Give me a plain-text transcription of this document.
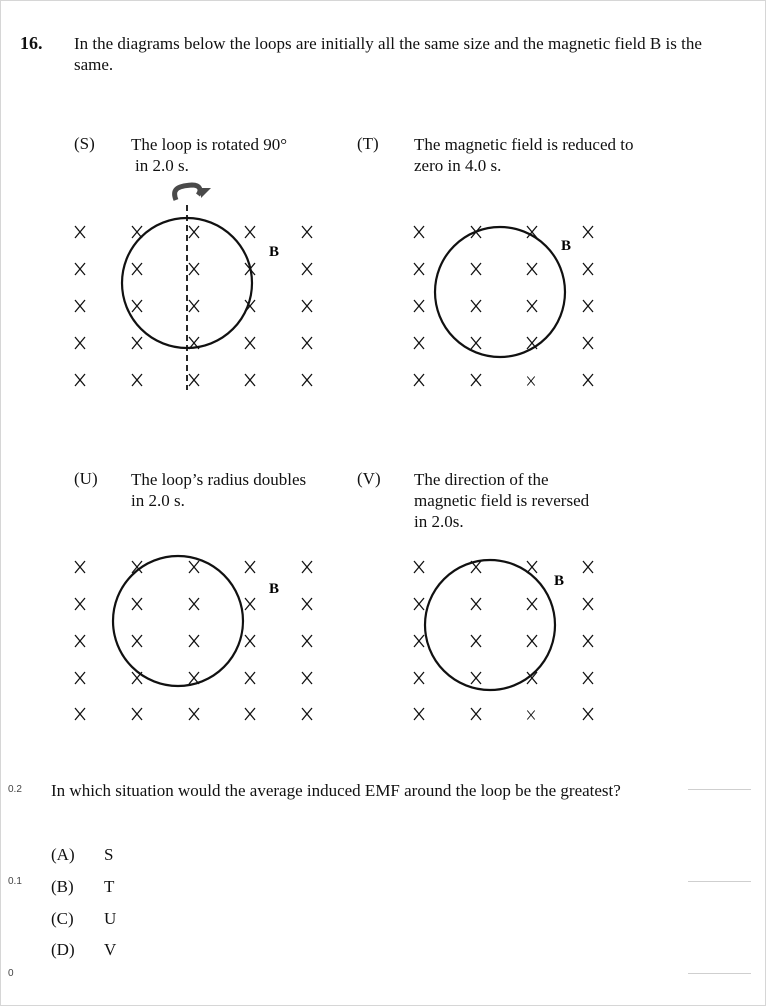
16. In the diagrams below the loops are initially all the same size and the magnetic field B is the same.
(S) The loop is rotated 90°
in 2.0 s.
(T) The magnetic field is reduced to
zero in 4.0 s.
(U) The loop’s radius doubles
in 2.0 s.
(V) The direction of the
magnetic field is reversed
in 2.0s.
B	B
B	B
0.2
0.1
0
In which situation would the average induced EMF around the loop be the greatest?
(A) S
(B) T
(C) U
(D) V
